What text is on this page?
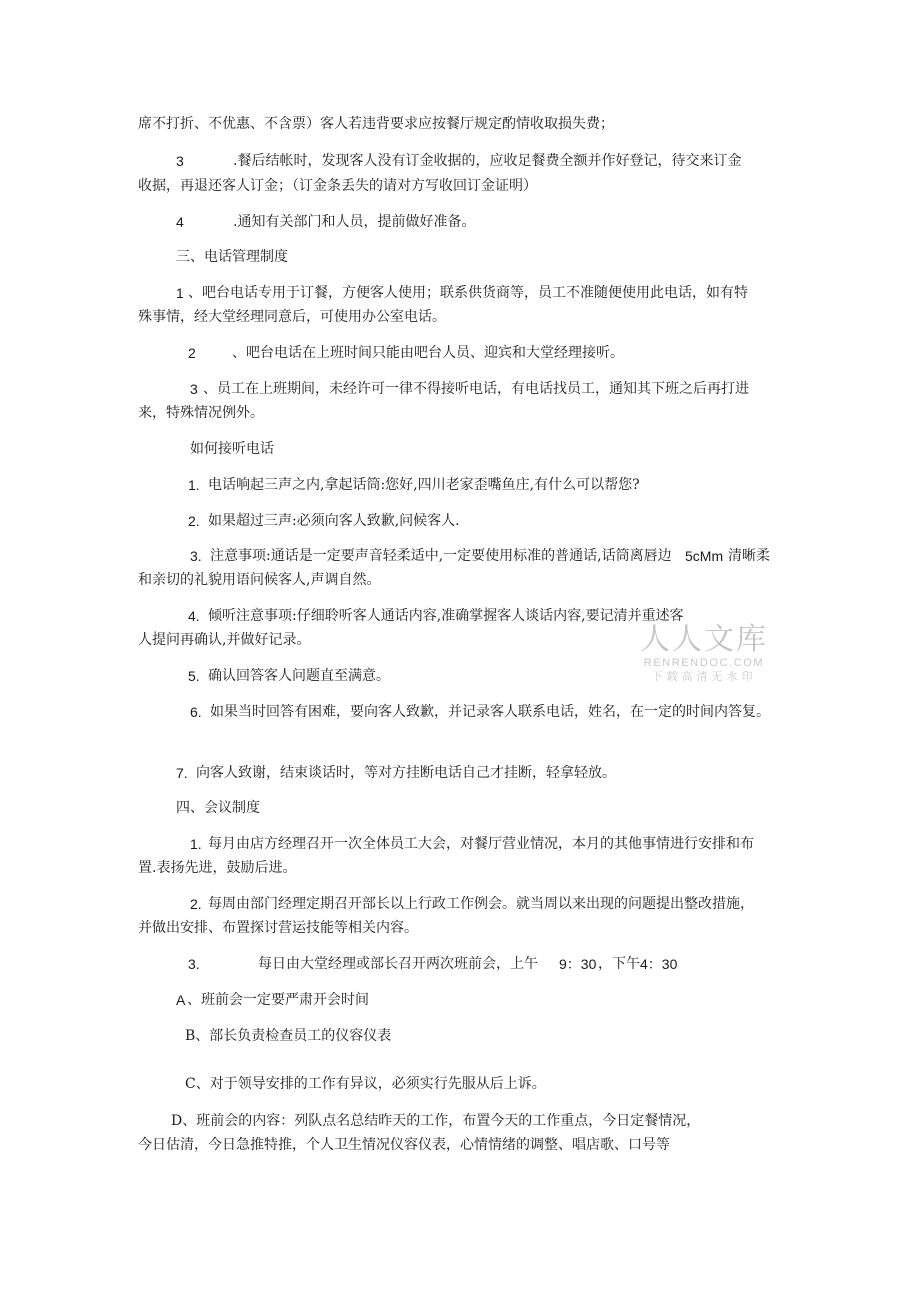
席不打折、不优惠、不含票）客人若违背要求应按餐厅规定酌情收取损失费；
3	.餐后结帐时，发现客人没有订金收据的，应收足餐费全额并作好登记，待交来订金
收据，再退还客人订金；（订金条丢失的请对方写收回订金证明）
4	.通知有关部门和人员，提前做好准备。
三、电话管理制度
1 、吧台电话专用于订餐，方便客人使用；联系供货商等，员工不准随便使用此电话，如有特
殊事情，经大堂经理同意后，可使用办公室电话。
2	、吧台电话在上班时间只能由吧台人员、迎宾和大堂经理接听。
3 、员工在上班期间，未经许可一律不得接听电话，有电话找员工，通知其下班之后再打进
来，特殊情况例外。
如何接听电话
1. 电话响起三声之内,拿起话筒:您好,四川老家歪嘴鱼庄,有什么可以帮您?
2. 如果超过三声:必须向客人致歉,问候客人.
3. 注意事项:通话是一定要声音轻柔适中,一定要使用标准的普通话,话筒离唇边 5cMm 清晰柔
和亲切的礼貌用语问候客人,声调自然。
4. 倾听注意事项:仔细聆听客人通话内容,准确掌握客人谈话内容,要记清并重述客
人提问再确认,并做好记录。
5. 确认回答客人问题直至满意。
6. 如果当时回答有困难，要向客人致歉，并记录客人联系电话，姓名，在一定的时间内答复。
7. 向客人致谢，结束谈话时，等对方挂断电话自己才挂断，轻拿轻放。
四、会议制度
1. 每月由店方经理召开一次全体员工大会，对餐厅营业情况，本月的其他事情进行安排和布
置.表扬先进，鼓励后进。
2. 每周由部门经理定期召开部长以上行政工作例会。就当周以来出现的问题提出整改措施，
并做出安排、布置探讨营运技能等相关内容。
3.	每日由大堂经理或部长召开两次班前会，上午 9：30 ，下午 4：30
A 、班前会一定要严肃开会时间
B、部长负责检查员工的仪容仪表
C、对于领导安排的工作有异议，必须实行先服从后上诉。
D、班前会的内容：列队点名总结昨天的工作，布置今天的工作重点，今日定餐情况，
今日估清，今日急推特推，个人卫生情况仪容仪表，心情情绪的调整、唱店歌、口号等
人人文库
RENRENDOC.COM
下载高清无水印
